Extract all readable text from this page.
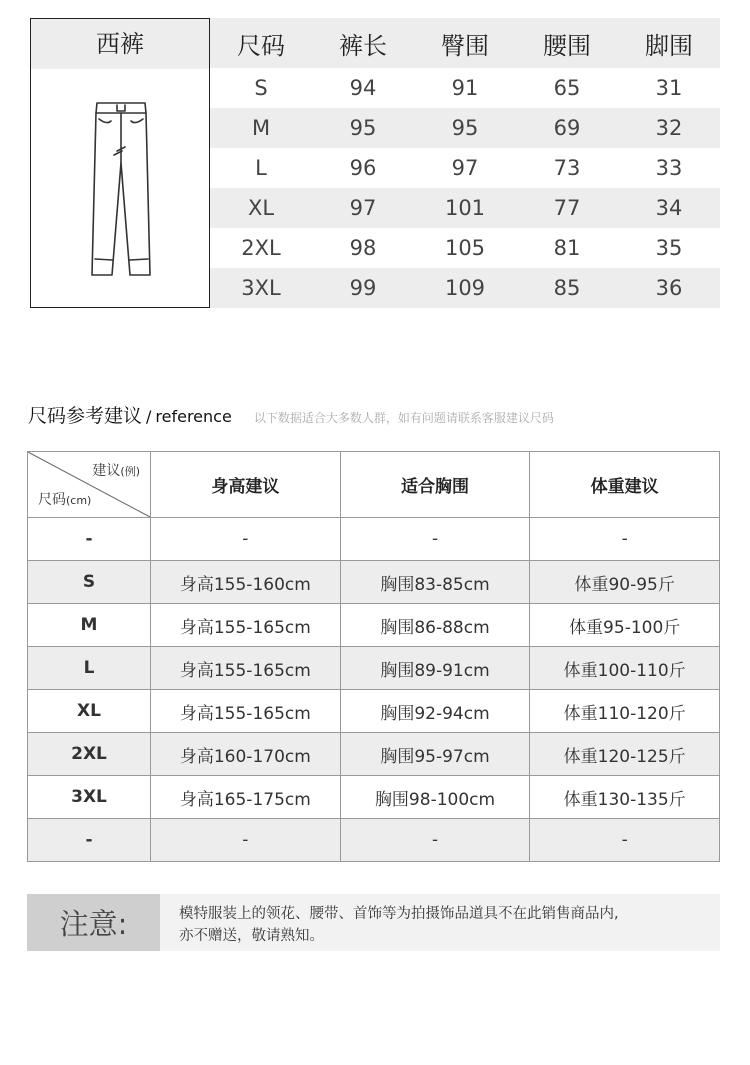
西裤	尺码	裤长	臀围	腰围	脚围
S	94	91	65	31
M	95	95	69	32
L	96	97	73	33
XL	97	101	77	34
2XL	98	105	81	35
3XL	99	109	85	36
尺码参考建议 / reference 以下数据适合大多数人群，如有问题请联系客服建议尺码
建议(例)
尺码(cm)
身高建议	适合胸围	体重建议
-	-	-	-
S	身高155-160cm	胸围83-85cm	体重90-95斤
M	身高155-165cm	胸围86-88cm	体重95-100斤
L	身高155-165cm	胸围89-91cm	体重100-110斤
XL	身高155-165cm	胸围92-94cm	体重110-120斤
2XL	身高160-170cm	胸围95-97cm	体重120-125斤
3XL	身高165-175cm	胸围98-100cm	体重130-135斤
-	-	-	-
注意:	模特服装上的领花、腰带、首饰等为拍摄饰品道具不在此销售商品内,
亦不赠送，敬请熟知。
